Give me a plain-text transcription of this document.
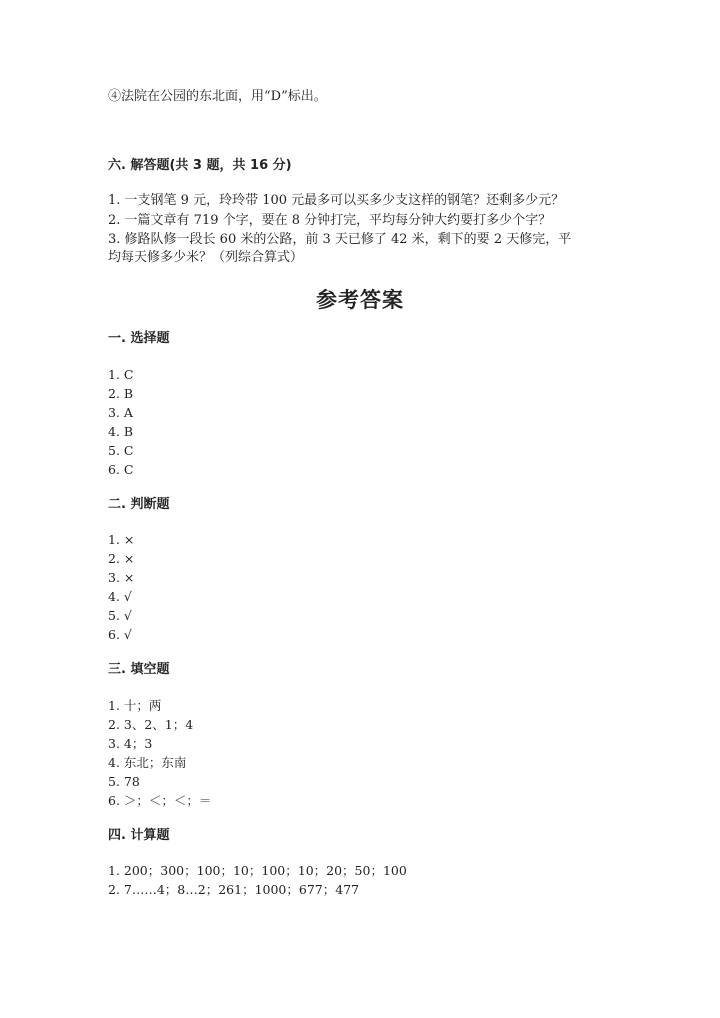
④法院在公园的东北面，用“D”标出。
六. 解答题(共 3 题，共 16 分)
1. 一支钢笔 9 元，玲玲带 100 元最多可以买多少支这样的钢笔？还剩多少元？
2. 一篇文章有 719 个字，要在 8 分钟打完，平均每分钟大约要打多少个字？
3. 修路队修一段长 60 米的公路，前 3 天已修了 42 米，剩下的要 2 天修完，平
均每天修多少米？（列综合算式）
参考答案
一. 选择题
1. C
2. B
3. A
4. B
5. C
6. C
二. 判断题
1. ×
2. ×
3. ×
4. √
5. √
6. √
三. 填空题
1. 十；两
2. 3、2、1；4
3. 4；3
4. 东北；东南
5. 78
6. ＞；＜；＜；＝
四. 计算题
1. 200；300；100；10；100；10；20；50；100
2. 7……4；8…2；261；1000；677；477
